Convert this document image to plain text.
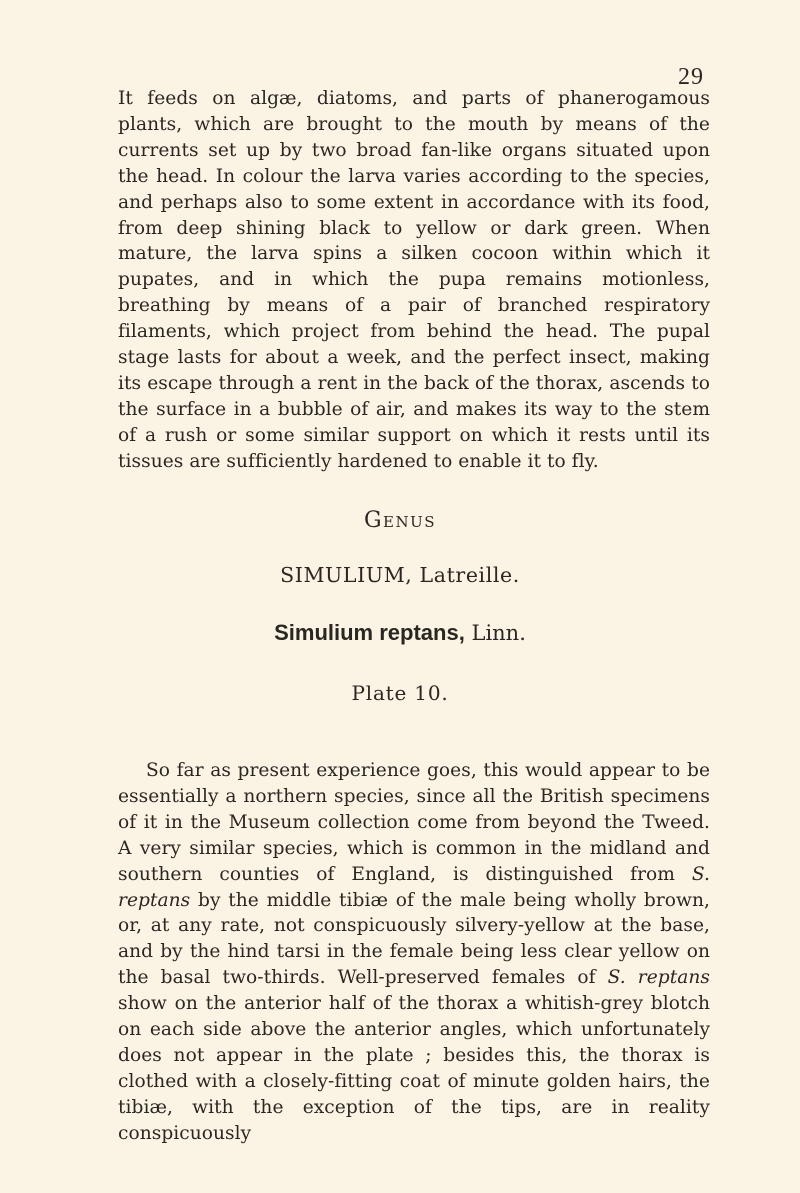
29

It feeds on algæ, diatoms, and parts of phanerogamous plants, which are brought to the mouth by means of the currents set up by two broad fan-like organs situated upon the head. In colour the larva varies according to the species, and perhaps also to some extent in accordance with its food, from deep shining black to yellow or dark green. When mature, the larva spins a silken cocoon within which it pupates, and in which the pupa remains motionless, breathing by means of a pair of branched respiratory filaments, which project from behind the head. The pupal stage lasts for about a week, and the perfect insect, making its escape through a rent in the back of the thorax, ascends to the surface in a bubble of air, and makes its way to the stem of a rush or some similar support on which it rests until its tissues are sufficiently hardened to enable it to fly.

Genus
SIMULIUM, Latreille.
Simulium reptans, Linn.
Plate 10.

So far as present experience goes, this would appear to be essentially a northern species, since all the British specimens of it in the Museum collection come from beyond the Tweed. A very similar species, which is common in the midland and southern counties of England, is distinguished from S. reptans by the middle tibiæ of the male being wholly brown, or, at any rate, not conspicuously silvery-yellow at the base, and by the hind tarsi in the female being less clear yellow on the basal two-thirds. Well-preserved females of S. reptans show on the anterior half of the thorax a whitish-grey blotch on each side above the anterior angles, which unfortunately does not appear in the plate ; besides this, the thorax is clothed with a closely-fitting coat of minute golden hairs, the tibiæ, with the exception of the tips, are in reality conspicuously
